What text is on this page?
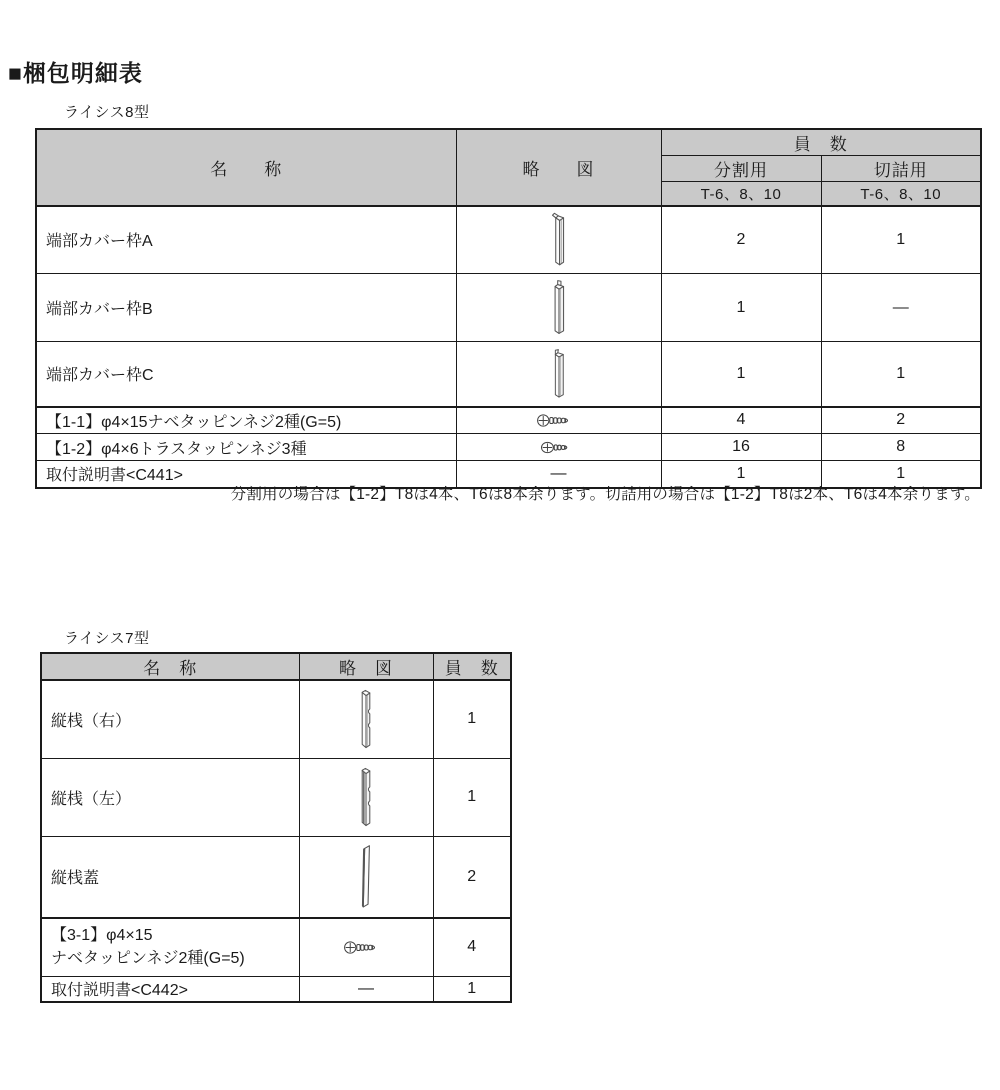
■梱包明細表
ライシス8型
名　　称	略　　図	員　数	
		分割用	切詰用
		T-6、8、10	T-6、8、10
端部カバー枠A		2	1
端部カバー枠B		1	—
端部カバー枠C		1	1
【1-1】φ4×15ナベタッピンネジ2種(G=5)		4	2
【1-2】φ4×6トラスタッピンネジ3種		16	8
取付説明書<C441>	—	1	1
分割用の場合は【1-2】T8は4本、T6は8本余ります。切詰用の場合は【1-2】T8は2本、T6は4本余ります。
ライシス7型
名　称	略　図	員　数
縦桟（右）		1
縦桟（左）		1
縦桟蓋		2

【3-1】φ4×15
ナベタッピンネジ2種(G=5)		4
取付説明書<C442>	—	1
